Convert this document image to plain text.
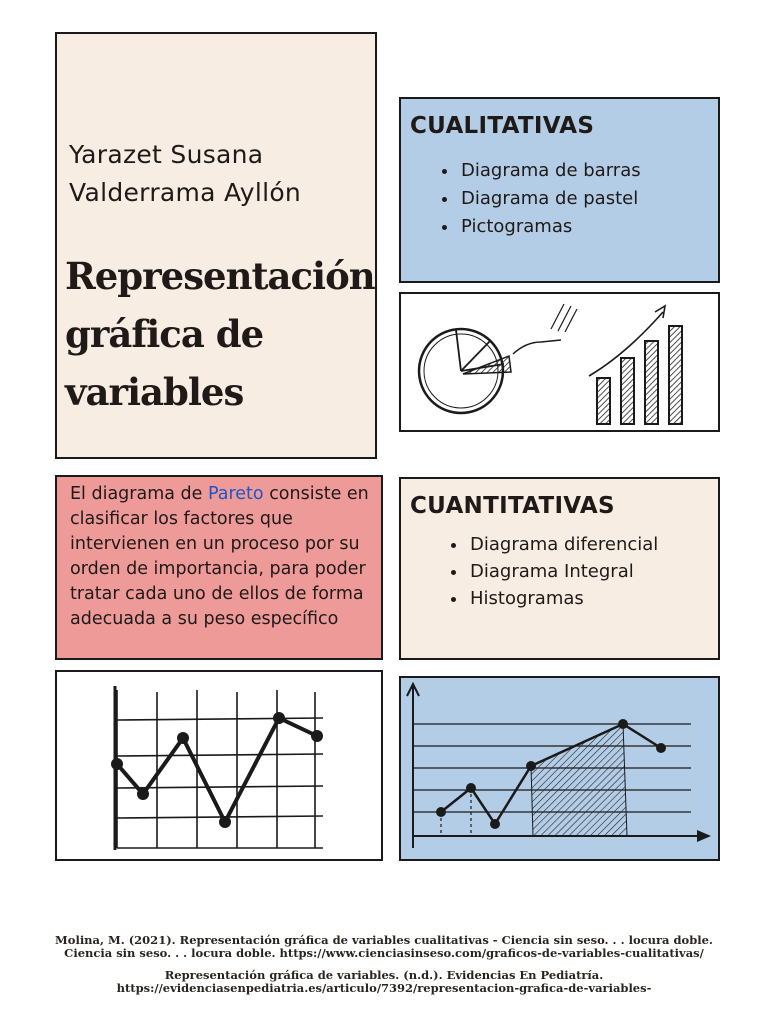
Yarazet Susana
Valderrama Ayllón
Representación gráfica de variables
CUALITATIVAS
• Diagrama de barras
• Diagrama de pastel
• Pictogramas

El diagrama de Pareto consiste en clasificar los factores que intervienen en un proceso por su orden de importancia, para poder tratar cada uno de ellos de forma adecuada a su peso específico

CUANTITATIVAS
• Diagrama diferencial
• Diagrama Integral
• Histogramas

Molina, M. (2021). Representación gráfica de variables cualitativas - Ciencia sin seso. . . locura doble.
Ciencia sin seso. . . locura doble. https://www.cienciasinseso.com/graficos-de-variables-cualitativas/

Representación gráfica de variables. (n.d.). Evidencias En Pediatría.
https://evidenciasenpediatria.es/articulo/7392/representacion-grafica-de-variables-
